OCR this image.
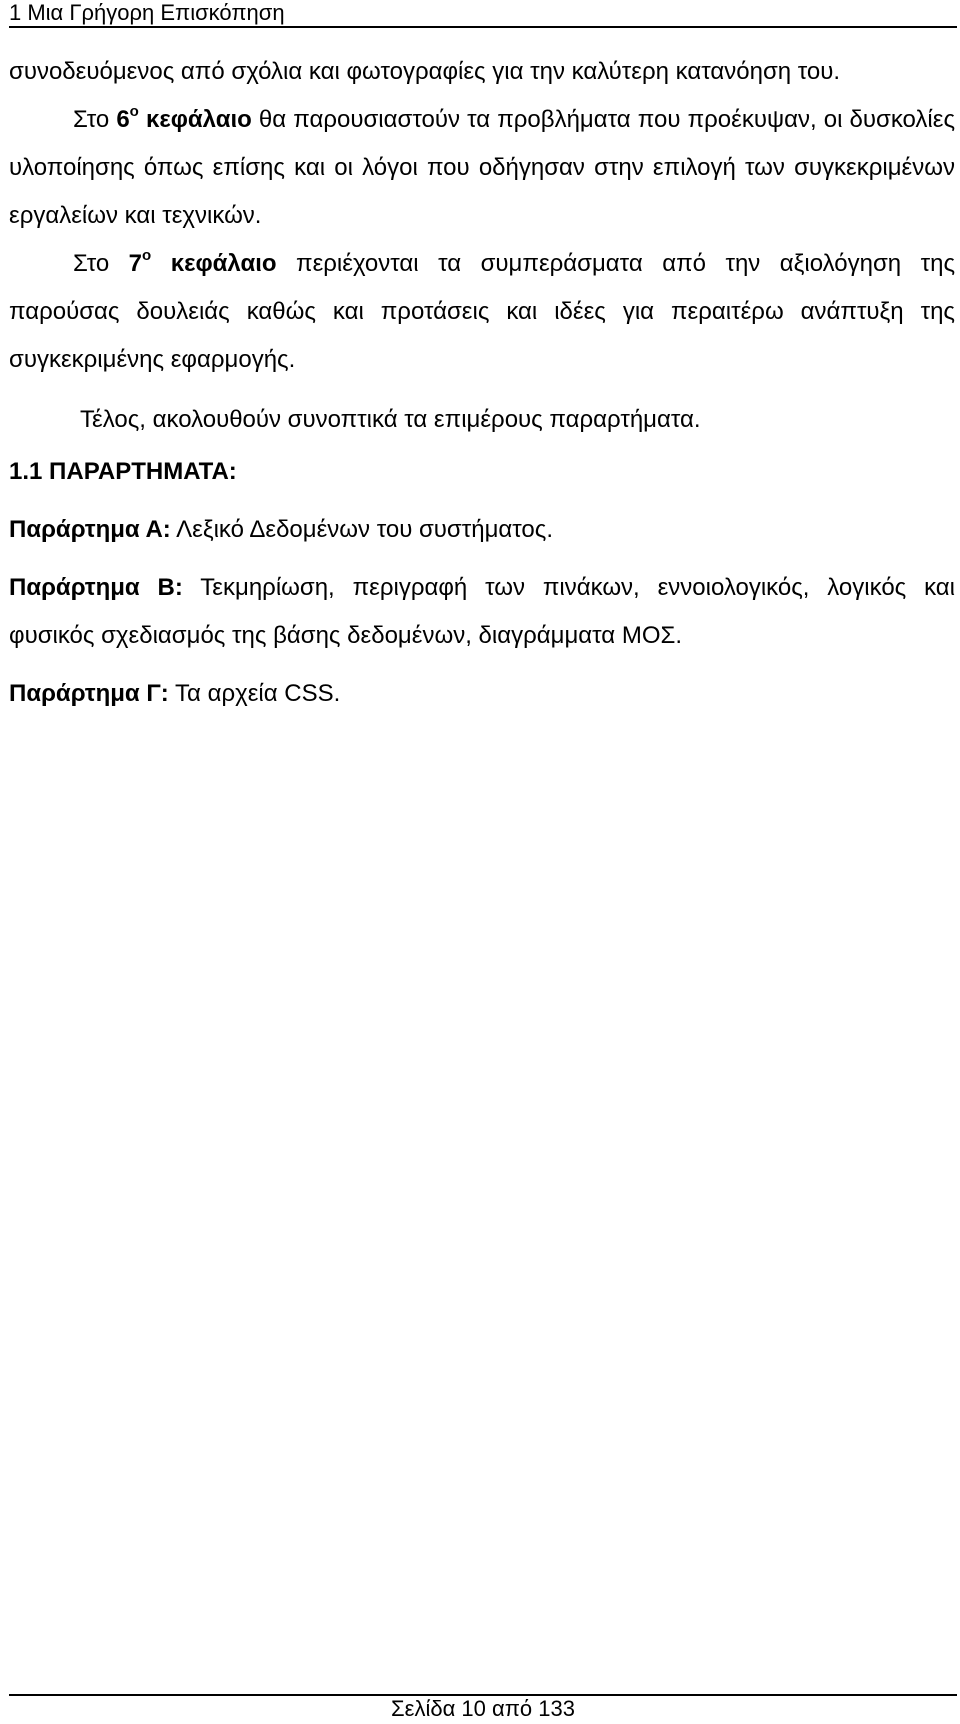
1 Μια Γρήγορη Επισκόπηση

συνοδευόμενος από σχόλια και φωτογραφίες για την καλύτερη κατανόηση του.

Στο $6^o$ κεφάλαιο θα παρουσιαστούν τα προβλήματα που προέκυψαν, οι δυσκολίες υλοποίησης όπως επίσης και οι λόγοι που οδήγησαν στην επιλογή των συγκεκριμένων εργαλείων και τεχνικών.

Στο $7^o$ κεφάλαιο περιέχονται τα συμπεράσματα από την αξιολόγηση της παρούσας δουλειάς καθώς και προτάσεις και ιδέες για περαιτέρω ανάπτυξη της συγκεκριμένης εφαρμογής.

Τέλος, ακολουθούν συνοπτικά τα επιμέρους παραρτήματα.

1.1 ΠΑΡΑΡΤΗΜΑΤΑ:

Παράρτημα Α: Λεξικό Δεδομένων του συστήματος.

Παράρτημα Β: Τεκμηρίωση, περιγραφή των πινάκων, εννοιολογικός, λογικός και φυσικός σχεδιασμός της βάσης δεδομένων, διαγράμματα ΜΟΣ.

Παράρτημα Γ: Τα αρχεία CSS.

Σελίδα 10 από 133
